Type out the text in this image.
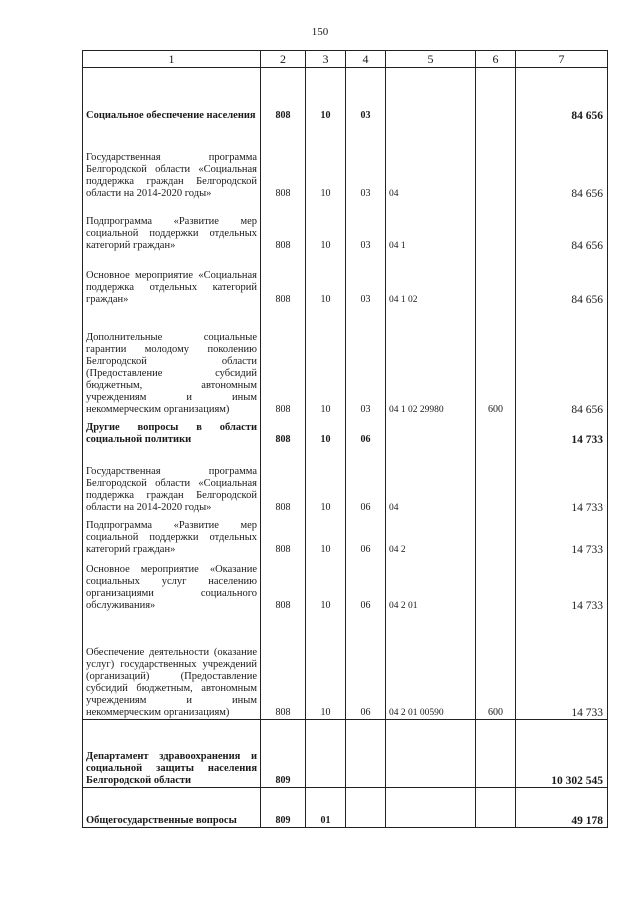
150
1	2	3	4	5	6	7
Социальное обеспечение населения	808	10	03			84 656
Государственная программа Белгородской области «Социальная поддержка граждан Белгородской области на 2014-2020 годы»	808	10	03	04		84 656
Подпрограмма «Развитие мер социальной поддержки отдельных категорий граждан»	808	10	03	04 1		84 656
Основное мероприятие «Социальная поддержка отдельных категорий граждан»	808	10	03	04 1 02		84 656
Дополнительные социальные гарантии молодому поколению Белгородской области (Предоставление субсидий бюджетным, автономным учреждениям и иным некоммерческим организациям)	808	10	03	04 1 02 29980	600	84 656
Другие вопросы в области социальной политики	808	10	06			14 733
Государственная программа Белгородской области «Социальная поддержка граждан Белгородской области на 2014-2020 годы»	808	10	06	04		14 733
Подпрограмма «Развитие мер социальной поддержки отдельных категорий граждан»	808	10	06	04 2		14 733
Основное мероприятие «Оказание социальных услуг населению организациями социального обслуживания»	808	10	06	04 2 01		14 733
Обеспечение деятельности (оказание услуг) государственных учреждений (организаций) (Предоставление субсидий бюджетным, автономным учреждениям и иным некоммерческим организациям)	808	10	06	04 2 01 00590	600	14 733
Департамент здравоохранения и социальной защиты населения Белгородской области	809					10 302 545
Общегосударственные вопросы	809	01				49 178
